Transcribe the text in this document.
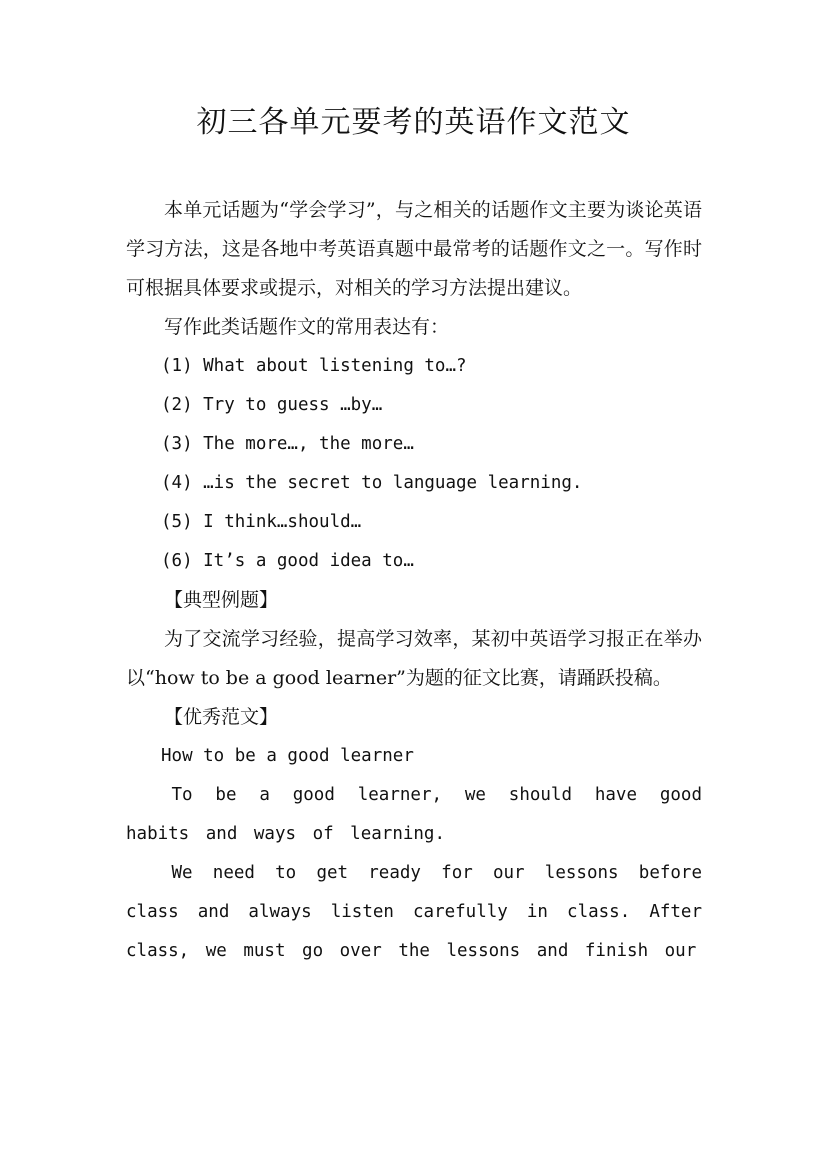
初三各单元要考的英语作文范文

本单元话题为“学会学习”，与之相关的话题作文主要为谈论英语学习方法，这是各地中考英语真题中最常考的话题作文之一。写作时可根据具体要求或提示，对相关的学习方法提出建议。

写作此类话题作文的常用表达有：

(1) What about listening to…?

(2) Try to guess …by…

(3) The more…, the more…

(4) …is the secret to language learning.

(5) I think…should…

(6) It’s a good idea to…

【典型例题】

为了交流学习经验，提高学习效率，某初中英语学习报正在举办以“how to be a good learner”为题的征文比赛，请踊跃投稿。

【优秀范文】

How to be a good learner

To be a good learner, we should have good habits and ways of learning.

We need to get ready for our lessons before class and always listen carefully in class. After class, we must go over the lessons and finish our
